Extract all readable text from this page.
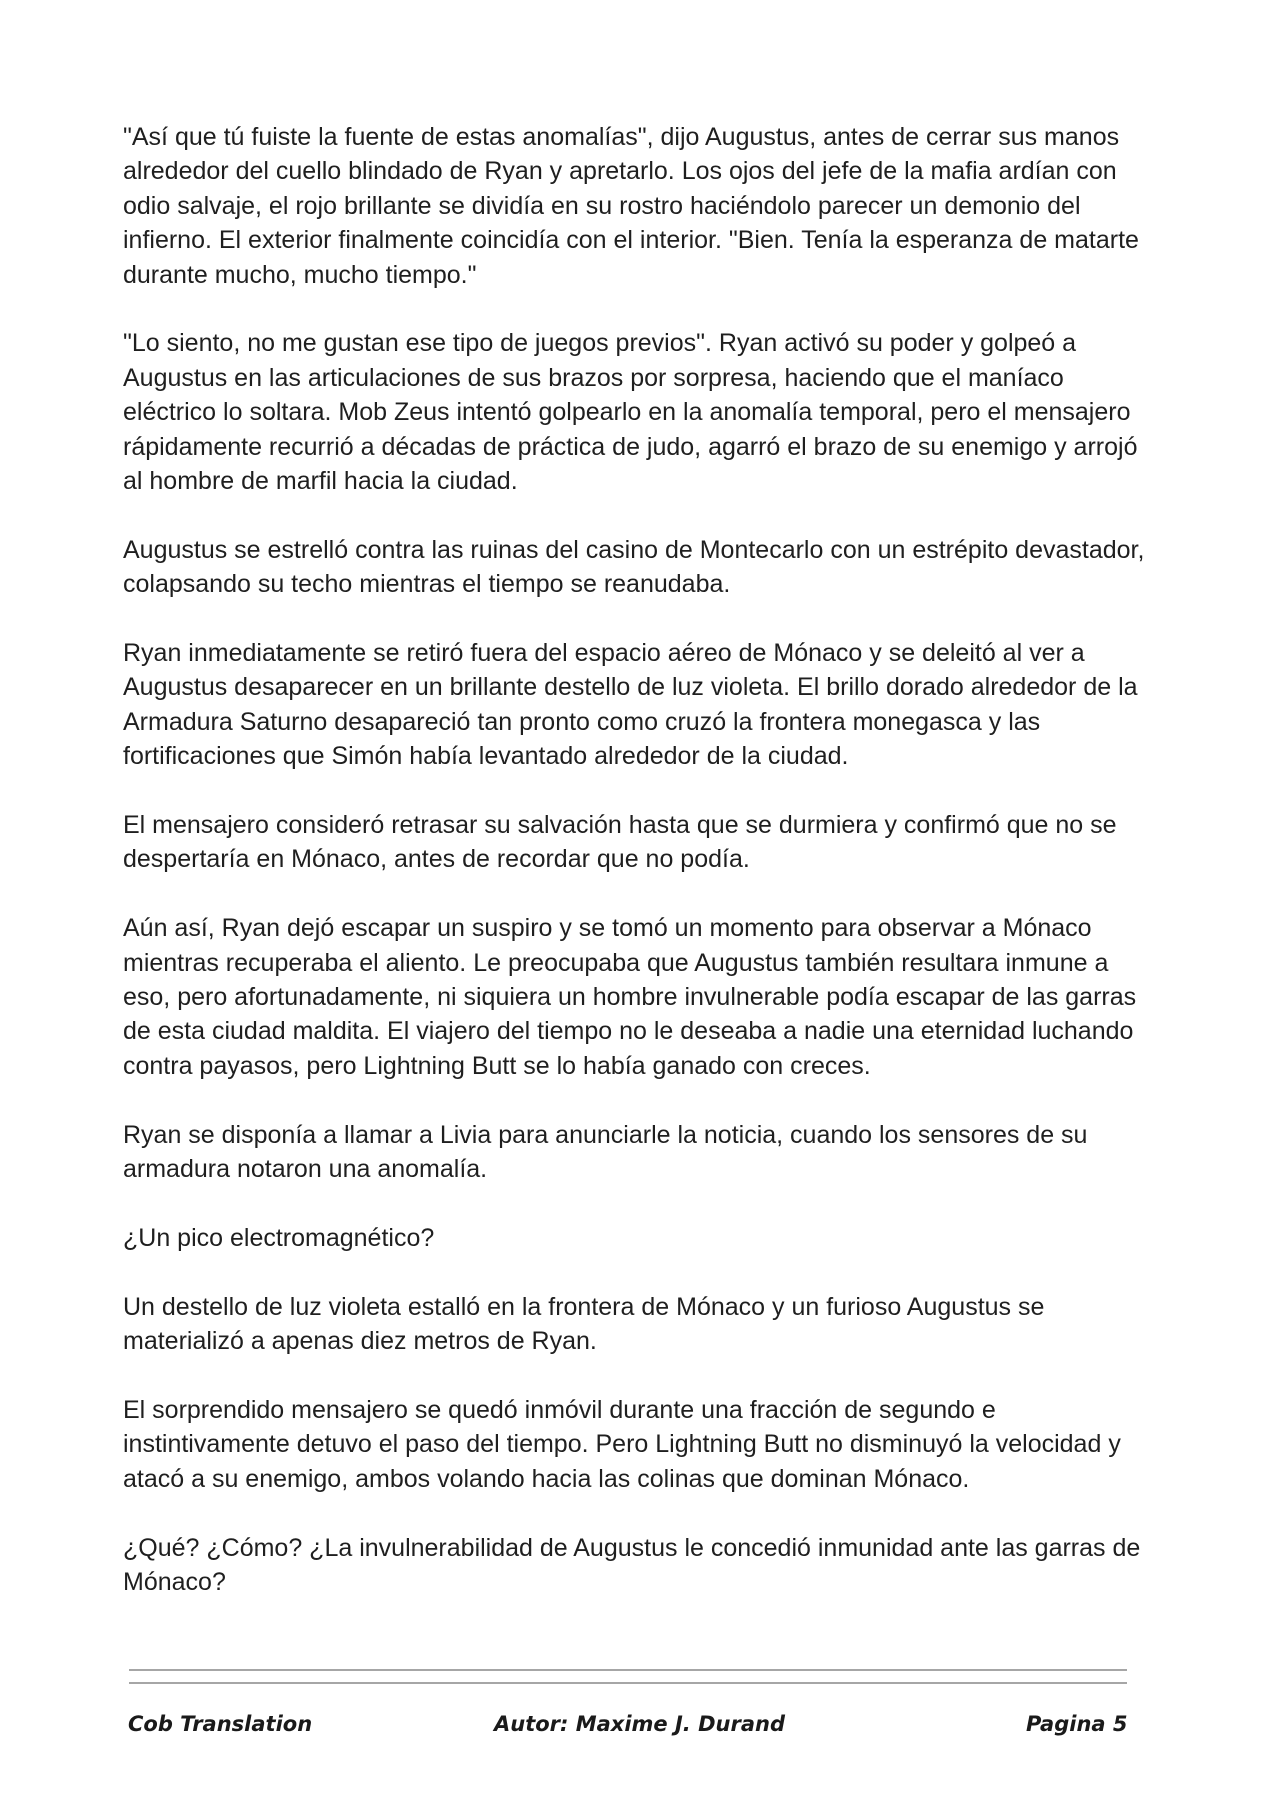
"Así que tú fuiste la fuente de estas anomalías", dijo Augustus, antes de cerrar sus manos alrededor del cuello blindado de Ryan y apretarlo. Los ojos del jefe de la mafia ardían con odio salvaje, el rojo brillante se dividía en su rostro haciéndolo parecer un demonio del infierno. El exterior finalmente coincidía con el interior. "Bien. Tenía la esperanza de matarte durante mucho, mucho tiempo."

"Lo siento, no me gustan ese tipo de juegos previos". Ryan activó su poder y golpeó a Augustus en las articulaciones de sus brazos por sorpresa, haciendo que el maníaco eléctrico lo soltara. Mob Zeus intentó golpearlo en la anomalía temporal, pero el mensajero rápidamente recurrió a décadas de práctica de judo, agarró el brazo de su enemigo y arrojó al hombre de marfil hacia la ciudad.

Augustus se estrelló contra las ruinas del casino de Montecarlo con un estrépito devastador, colapsando su techo mientras el tiempo se reanudaba.

Ryan inmediatamente se retiró fuera del espacio aéreo de Mónaco y se deleitó al ver a Augustus desaparecer en un brillante destello de luz violeta. El brillo dorado alrededor de la Armadura Saturno desapareció tan pronto como cruzó la frontera monegasca y las fortificaciones que Simón había levantado alrededor de la ciudad.

El mensajero consideró retrasar su salvación hasta que se durmiera y confirmó que no se despertaría en Mónaco, antes de recordar que no podía.

Aún así, Ryan dejó escapar un suspiro y se tomó un momento para observar a Mónaco mientras recuperaba el aliento. Le preocupaba que Augustus también resultara inmune a eso, pero afortunadamente, ni siquiera un hombre invulnerable podía escapar de las garras de esta ciudad maldita. El viajero del tiempo no le deseaba a nadie una eternidad luchando contra payasos, pero Lightning Butt se lo había ganado con creces.

Ryan se disponía a llamar a Livia para anunciarle la noticia, cuando los sensores de su armadura notaron una anomalía.

¿Un pico electromagnético?

Un destello de luz violeta estalló en la frontera de Mónaco y un furioso Augustus se materializó a apenas diez metros de Ryan.

El sorprendido mensajero se quedó inmóvil durante una fracción de segundo e instintivamente detuvo el paso del tiempo. Pero Lightning Butt no disminuyó la velocidad y atacó a su enemigo, ambos volando hacia las colinas que dominan Mónaco.

¿Qué? ¿Cómo? ¿La invulnerabilidad de Augustus le concedió inmunidad ante las garras de Mónaco?

Cob Translation	Autor: Maxime J. Durand	Pagina 5
